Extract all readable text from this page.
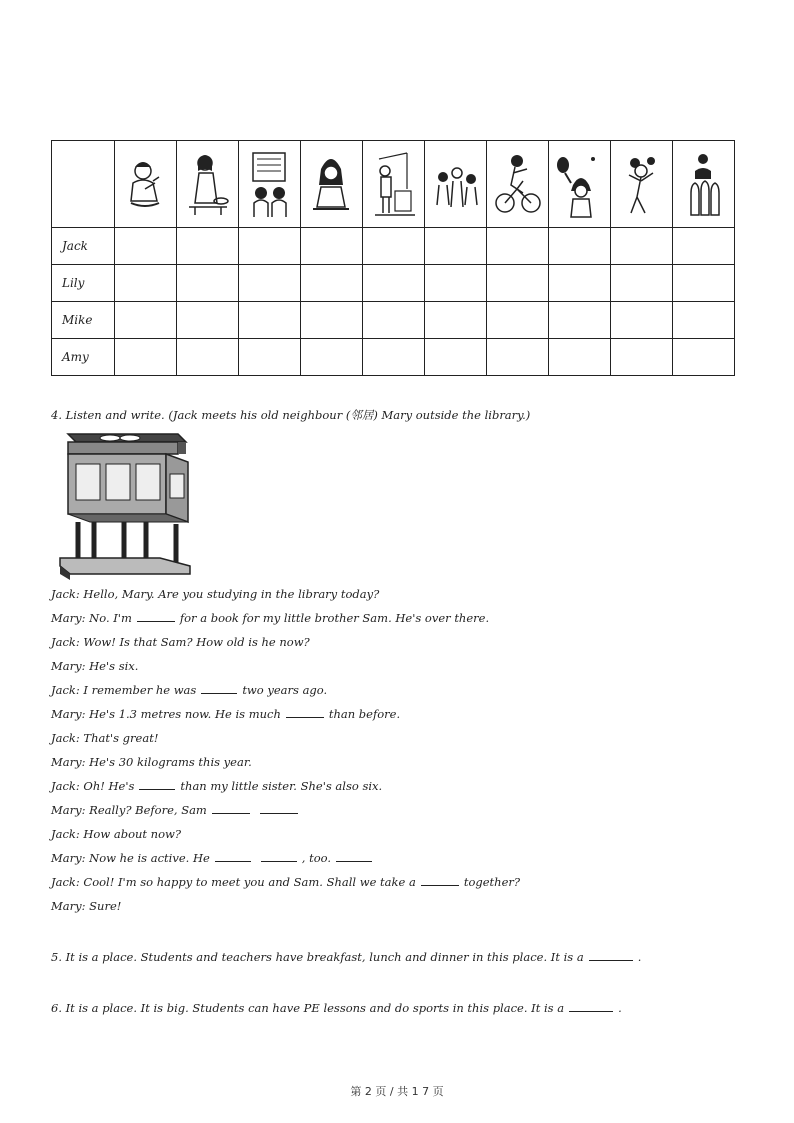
Jack										
Lily										
Mike										
Amy										
4. Listen and write. (Jack meets his old neighbour (邻居) Mary outside the library.)
Jack: Hello, Mary. Are you studying in the library today?
Mary: No. I'm	for a book for my little brother Sam. He's over there.
Jack: Wow! Is that Sam? How old is he now?
Mary: He's six.
Jack: I remember he was	two years ago.
Mary: He's 1.3 metres now. He is much	than before.
Jack: That's great!
Mary: He's 30 kilograms this year.
Jack: Oh! He's	than my little sister. She's also six.
Mary: Really? Before, Sam
Jack: How about now?
Mary: Now he is active. He	, too.
Jack: Cool! I'm so happy to meet you and Sam. Shall we take a	together?
Mary: Sure!
5. It is a place. Students and teachers have breakfast, lunch and dinner in this place. It is a	.
6. It is a place. It is big. Students can have PE lessons and do sports in this place. It is a	.
第 2 页 / 共 1 7 页
